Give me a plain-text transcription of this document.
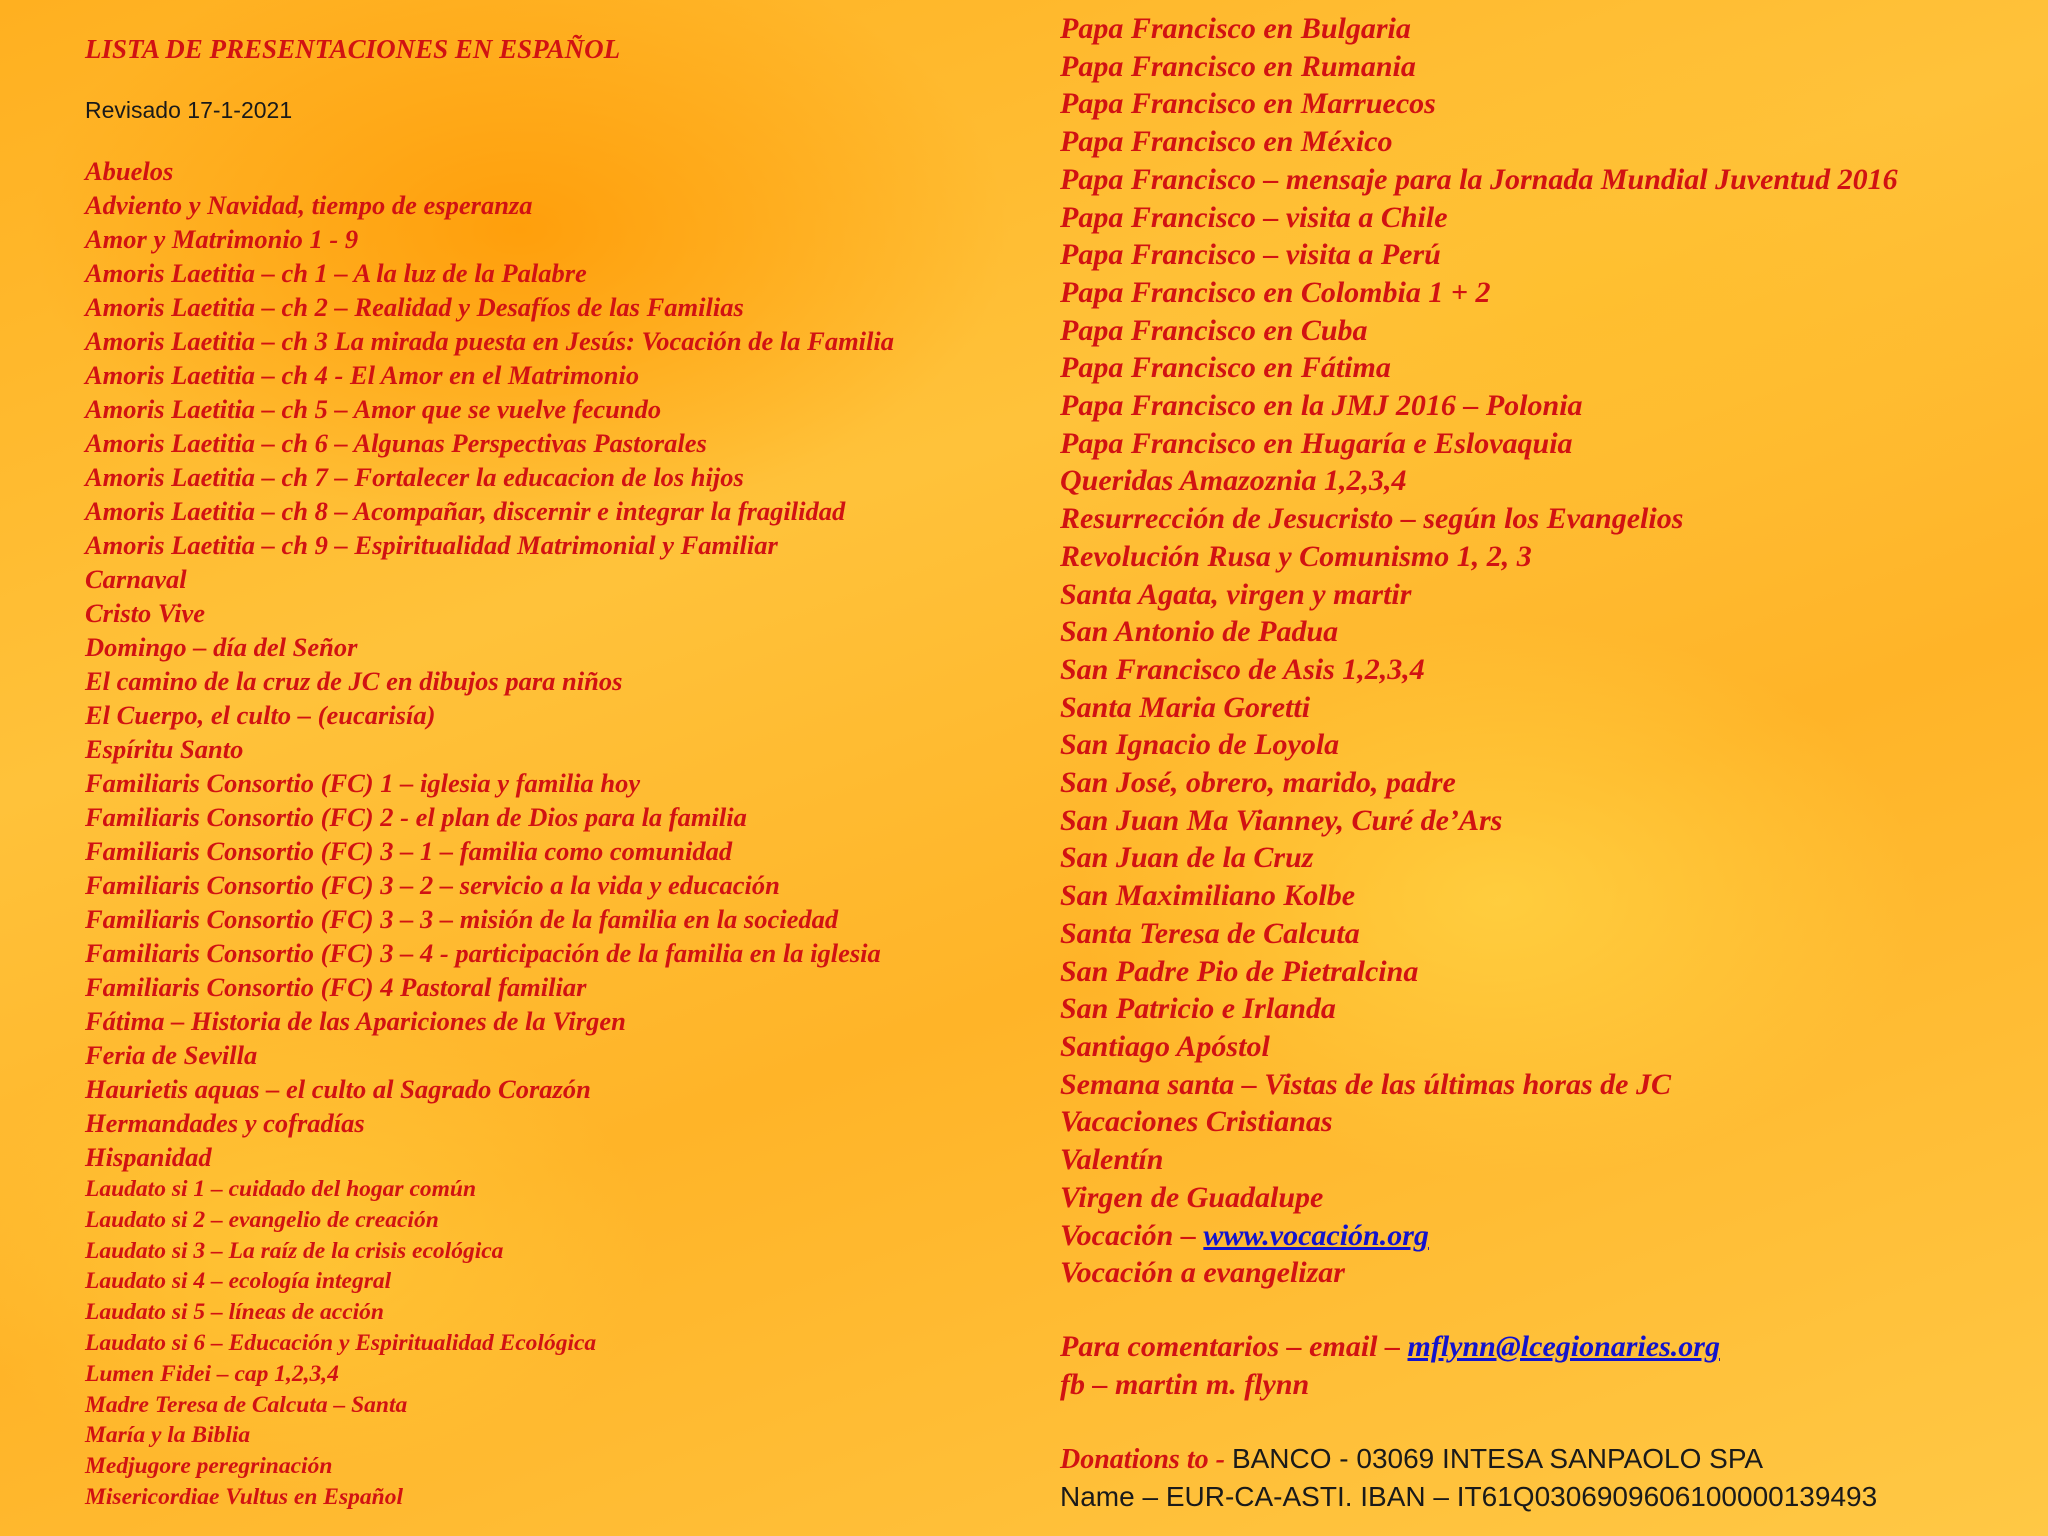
LISTA DE PRESENTACIONES EN ESPAÑOL
Revisado 17-1-2021
Abuelos
Adviento y Navidad, tiempo de esperanza
Amor y Matrimonio 1 - 9
Amoris Laetitia – ch 1 – A la luz de la Palabre
Amoris Laetitia – ch 2 – Realidad y Desafíos de las Familias
Amoris Laetitia – ch 3 La mirada puesta en Jesús: Vocación de la Familia
Amoris Laetitia – ch 4 - El Amor en el Matrimonio
Amoris Laetitia – ch 5 – Amor que se vuelve fecundo
Amoris Laetitia – ch 6 – Algunas Perspectivas Pastorales
Amoris Laetitia – ch 7 – Fortalecer la educacion de los hijos
Amoris Laetitia – ch 8 – Acompañar, discernir e integrar la fragilidad
Amoris Laetitia – ch 9 – Espiritualidad Matrimonial y Familiar
Carnaval
Cristo Vive
Domingo – día del Señor
El camino de la cruz de JC en dibujos para niños
El Cuerpo, el culto – (eucarisía)
Espíritu Santo
Familiaris Consortio (FC) 1 – iglesia y familia hoy
Familiaris Consortio (FC) 2 - el plan de Dios para la familia
Familiaris Consortio (FC) 3 – 1 – familia como comunidad
Familiaris Consortio (FC) 3 – 2 – servicio a la vida y educación
Familiaris Consortio (FC) 3 – 3 – misión de la familia en la sociedad
Familiaris Consortio (FC) 3 – 4 - participación de la familia en la iglesia
Familiaris Consortio (FC) 4 Pastoral familiar
Fátima – Historia de las Apariciones de la Virgen
Feria de Sevilla
Haurietis aquas – el culto al Sagrado Corazón
Hermandades y cofradías
Hispanidad
Laudato si 1 – cuidado del hogar común
Laudato si 2 – evangelio de creación
Laudato si 3 – La raíz de la crisis ecológica
Laudato si 4 – ecología integral
Laudato si 5 – líneas de acción
Laudato si 6 – Educación y Espiritualidad Ecológica
Lumen Fidei – cap 1,2,3,4
Madre Teresa de Calcuta – Santa
María y la Biblia
Medjugore peregrinación
Misericordiae Vultus en Español
Papa Francisco en Bulgaria
Papa Francisco en Rumania
Papa Francisco en Marruecos
Papa Francisco en México
Papa Francisco – mensaje para la Jornada Mundial Juventud 2016
Papa Francisco – visita a Chile
Papa Francisco – visita a Perú
Papa Francisco en Colombia 1 + 2
Papa Francisco en Cuba
Papa Francisco en Fátima
Papa Francisco en la JMJ 2016 – Polonia
Papa Francisco en Hugaría e Eslovaquia
Queridas Amazoznia 1,2,3,4
Resurrección de Jesucristo – según los Evangelios
Revolución Rusa y Comunismo 1, 2, 3
Santa Agata, virgen y martir
San Antonio de Padua
San Francisco de Asis 1,2,3,4
Santa Maria Goretti
San Ignacio de Loyola
San José, obrero, marido, padre
San Juan Ma Vianney, Curé de’Ars
San Juan de la Cruz
San Maximiliano Kolbe
Santa Teresa de Calcuta
San Padre Pio de Pietralcina
San Patricio e Irlanda
Santiago Apóstol
Semana santa – Vistas de las últimas horas de JC
Vacaciones Cristianas
Valentín
Virgen de Guadalupe
Vocación – www.vocación.org
Vocación a evangelizar
Para comentarios – email – mflynn@lcegionaries.org
fb – martin m. flynn
Donations to - BANCO - 03069 INTESA SANPAOLO SPA
Name – EUR-CA-ASTI. IBAN – IT61Q0306909606100000139493
